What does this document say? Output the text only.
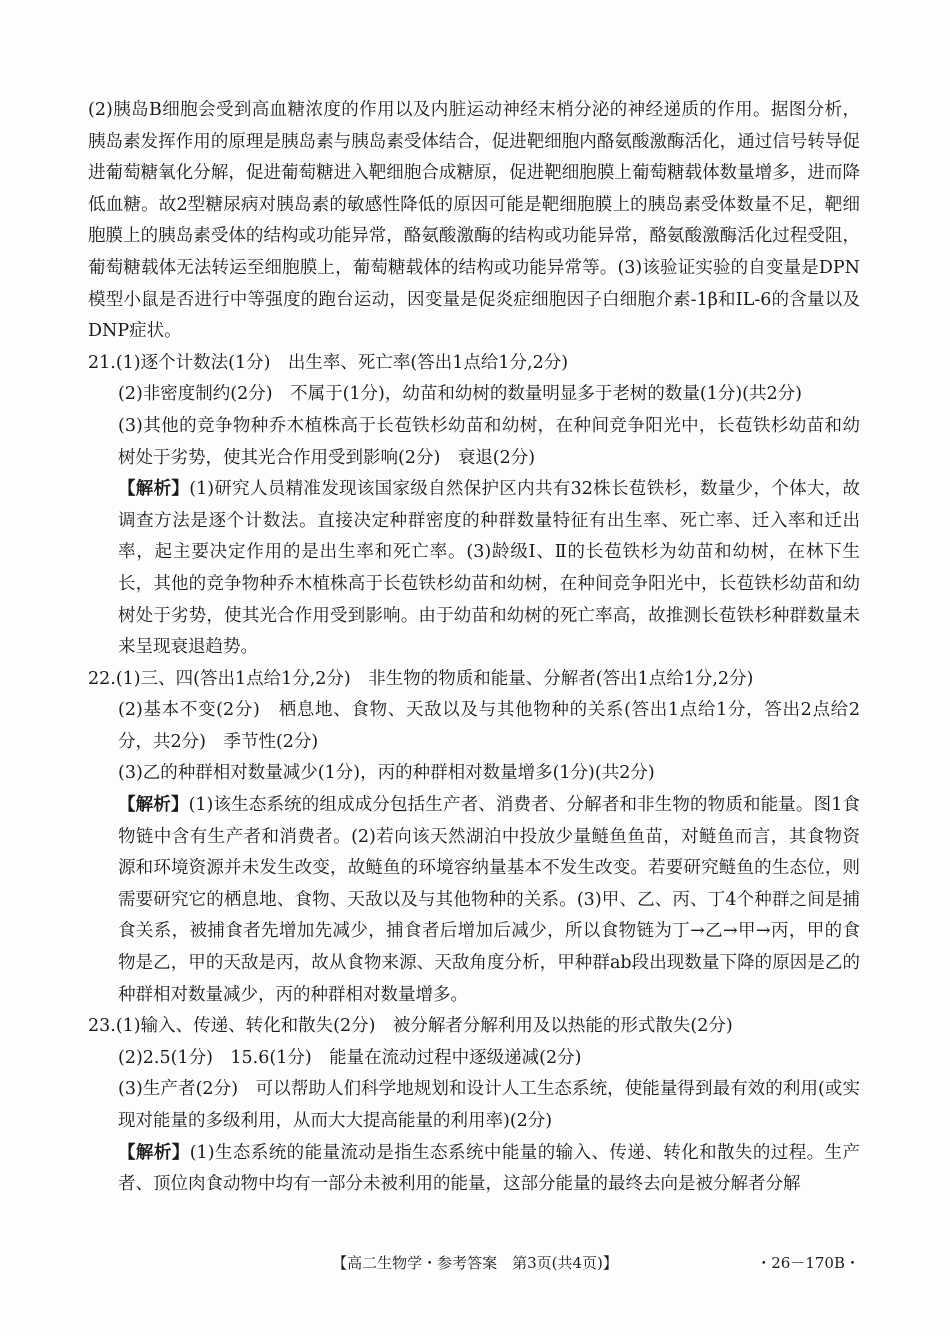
(2)胰岛B细胞会受到高血糖浓度的作用以及内脏运动神经末梢分泌的神经递质的作用。据图分析，胰岛素发挥作用的原理是胰岛素与胰岛素受体结合，促进靶细胞内酪氨酸激酶活化，通过信号转导促进葡萄糖氧化分解，促进葡萄糖进入靶细胞合成糖原，促进靶细胞膜上葡萄糖载体数量增多，进而降低血糖。故2型糖尿病对胰岛素的敏感性降低的原因可能是靶细胞膜上的胰岛素受体数量不足，靶细胞膜上的胰岛素受体的结构或功能异常，酪氨酸激酶的结构或功能异常，酪氨酸激酶活化过程受阻，葡萄糖载体无法转运至细胞膜上，葡萄糖载体的结构或功能异常等。(3)该验证实验的自变量是DPN模型小鼠是否进行中等强度的跑台运动，因变量是促炎症细胞因子白细胞介素-1β和IL-6的含量以及DNP症状。
21.(1)逐个计数法(1分)　出生率、死亡率(答出1点给1分,2分)
(2)非密度制约(2分)　不属于(1分)，幼苗和幼树的数量明显多于老树的数量(1分)(共2分)
(3)其他的竞争物种乔木植株高于长苞铁杉幼苗和幼树，在种间竞争阳光中，长苞铁杉幼苗和幼树处于劣势，使其光合作用受到影响(2分)　衰退(2分)
【解析】(1)研究人员精准发现该国家级自然保护区内共有32株长苞铁杉，数量少，个体大，故调查方法是逐个计数法。直接决定种群密度的种群数量特征有出生率、死亡率、迁入率和迁出率，起主要决定作用的是出生率和死亡率。(3)龄级Ⅰ、Ⅱ的长苞铁杉为幼苗和幼树，在林下生长，其他的竞争物种乔木植株高于长苞铁杉幼苗和幼树，在种间竞争阳光中，长苞铁杉幼苗和幼树处于劣势，使其光合作用受到影响。由于幼苗和幼树的死亡率高，故推测长苞铁杉种群数量未来呈现衰退趋势。
22.(1)三、四(答出1点给1分,2分)　非生物的物质和能量、分解者(答出1点给1分,2分)
(2)基本不变(2分)　栖息地、食物、天敌以及与其他物种的关系(答出1点给1分，答出2点给2分，共2分)　季节性(2分)
(3)乙的种群相对数量减少(1分)，丙的种群相对数量增多(1分)(共2分)
【解析】(1)该生态系统的组成成分包括生产者、消费者、分解者和非生物的物质和能量。图1食物链中含有生产者和消费者。(2)若向该天然湖泊中投放少量鲢鱼鱼苗，对鲢鱼而言，其食物资源和环境资源并未发生改变，故鲢鱼的环境容纳量基本不发生改变。若要研究鲢鱼的生态位，则需要研究它的栖息地、食物、天敌以及与其他物种的关系。(3)甲、乙、丙、丁4个种群之间是捕食关系，被捕食者先增加先减少，捕食者后增加后减少，所以食物链为丁→乙→甲→丙，甲的食物是乙，甲的天敌是丙，故从食物来源、天敌角度分析，甲种群ab段出现数量下降的原因是乙的种群相对数量减少，丙的种群相对数量增多。
23.(1)输入、传递、转化和散失(2分)　被分解者分解利用及以热能的形式散失(2分)
(2)2.5(1分)　15.6(1分)　能量在流动过程中逐级递减(2分)
(3)生产者(2分)　可以帮助人们科学地规划和设计人工生态系统，使能量得到最有效的利用(或实现对能量的多级利用，从而大大提高能量的利用率)(2分)
【解析】(1)生态系统的能量流动是指生态系统中能量的输入、传递、转化和散失的过程。生产者、顶位肉食动物中均有一部分未被利用的能量，这部分能量的最终去向是被分解者分解
【高二生物学・参考答案　第3页(共4页)】	・26－170B・
